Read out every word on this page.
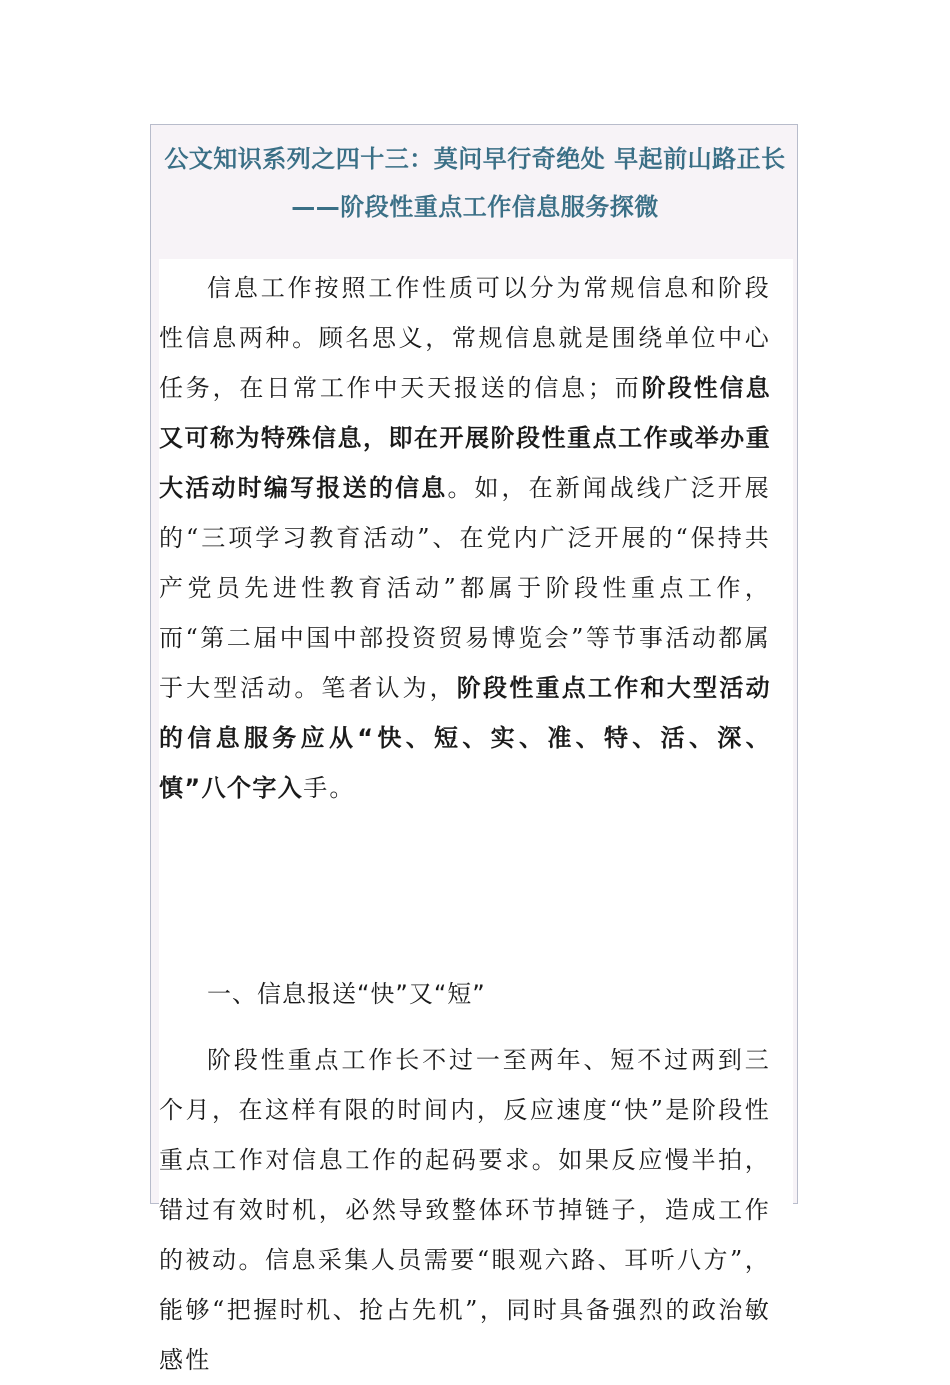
公文知识系列之四十三：莫问早行奇绝处 早起前山路正长——阶段性重点工作信息服务探微

信息工作按照工作性质可以分为常规信息和阶段性信息两种。顾名思义，常规信息就是围绕单位中心任务，在日常工作中天天报送的信息；而阶段性信息又可称为特殊信息，即在开展阶段性重点工作或举办重大活动时编写报送的信息。如，在新闻战线广泛开展的“三项学习教育活动”、在党内广泛开展的“保持共产党员先进性教育活动”都属于阶段性重点工作，而“第二届中国中部投资贸易博览会”等节事活动都属于大型活动。笔者认为，阶段性重点工作和大型活动的信息服务应从“快、短、实、准、特、活、深、慎”八个字入手。

一、信息报送“快”又“短”

阶段性重点工作长不过一至两年、短不过两到三个月，在这样有限的时间内，反应速度“快”是阶段性重点工作对信息工作的起码要求。如果反应慢半拍，错过有效时机，必然导致整体环节掉链子，造成工作的被动。信息采集人员需要“眼观六路、耳听八方”，能够“把握时机、抢占先机”，同时具备强烈的政治敏感性
